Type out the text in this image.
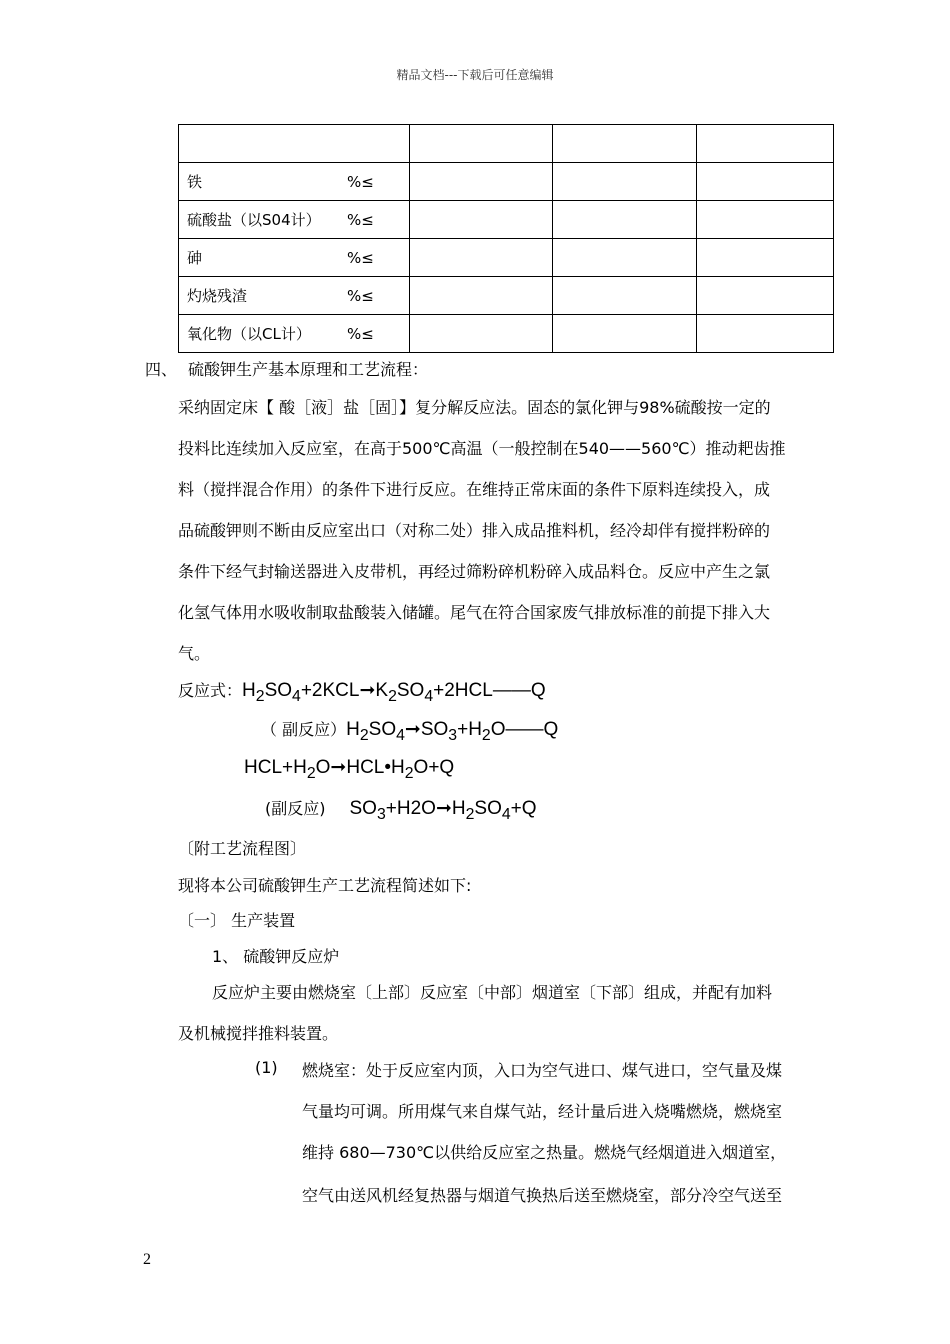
精品文档---下载后可任意编辑

铁 %≤			
硫酸盐（以S04计） %≤			
砷 %≤			
灼烧残渣 %≤			
氧化物（以CL计） %≤			
四、 硫酸钾生产基本原理和工艺流程：
采纳固定床【 酸［液］盐［固］】复分解反应法。固态的氯化钾与98%硫酸按一定的
投料比连续加入反应室，在高于500℃高温（一般控制在540——560℃）推动耙齿推
料（搅拌混合作用）的条件下进行反应。在维持正常床面的条件下原料连续投入，成
品硫酸钾则不断由反应室出口（对称二处）排入成品推料机，经冷却伴有搅拌粉碎的
条件下经气封输送器进入皮带机，再经过筛粉碎机粉碎入成品料仓。反应中产生之氯
化氢气体用水吸收制取盐酸装入储罐。尾气在符合国家废气排放标准的前提下排入大
气。
反应式：$H_2SO_4+2KCL➞K_2SO_4+2HCL——Q$
（ 副反应）$H_2SO_4➞SO_3+H_2O——Q$
$HCL+H_2O➞HCL•H_2O+Q$
(副反应) $SO_3+H2O➞H_2SO_4+Q$
〔附工艺流程图〕
现将本公司硫酸钾生产工艺流程简述如下:
〔一〕 生产装置
1、 硫酸钾反应炉
反应炉主要由燃烧室〔上部〕反应室〔中部〕烟道室〔下部〕组成，并配有加料
及机械搅拌推料装置。
(1) 燃烧室：处于反应室内顶，入口为空气进口、煤气进口，空气量及煤
气量均可调。所用煤气来自煤气站，经计量后进入烧嘴燃烧，燃烧室
维持 680—730℃以供给反应室之热量。燃烧气经烟道进入烟道室，
空气由送风机经复热器与烟道气换热后送至燃烧室，部分冷空气送至
2
